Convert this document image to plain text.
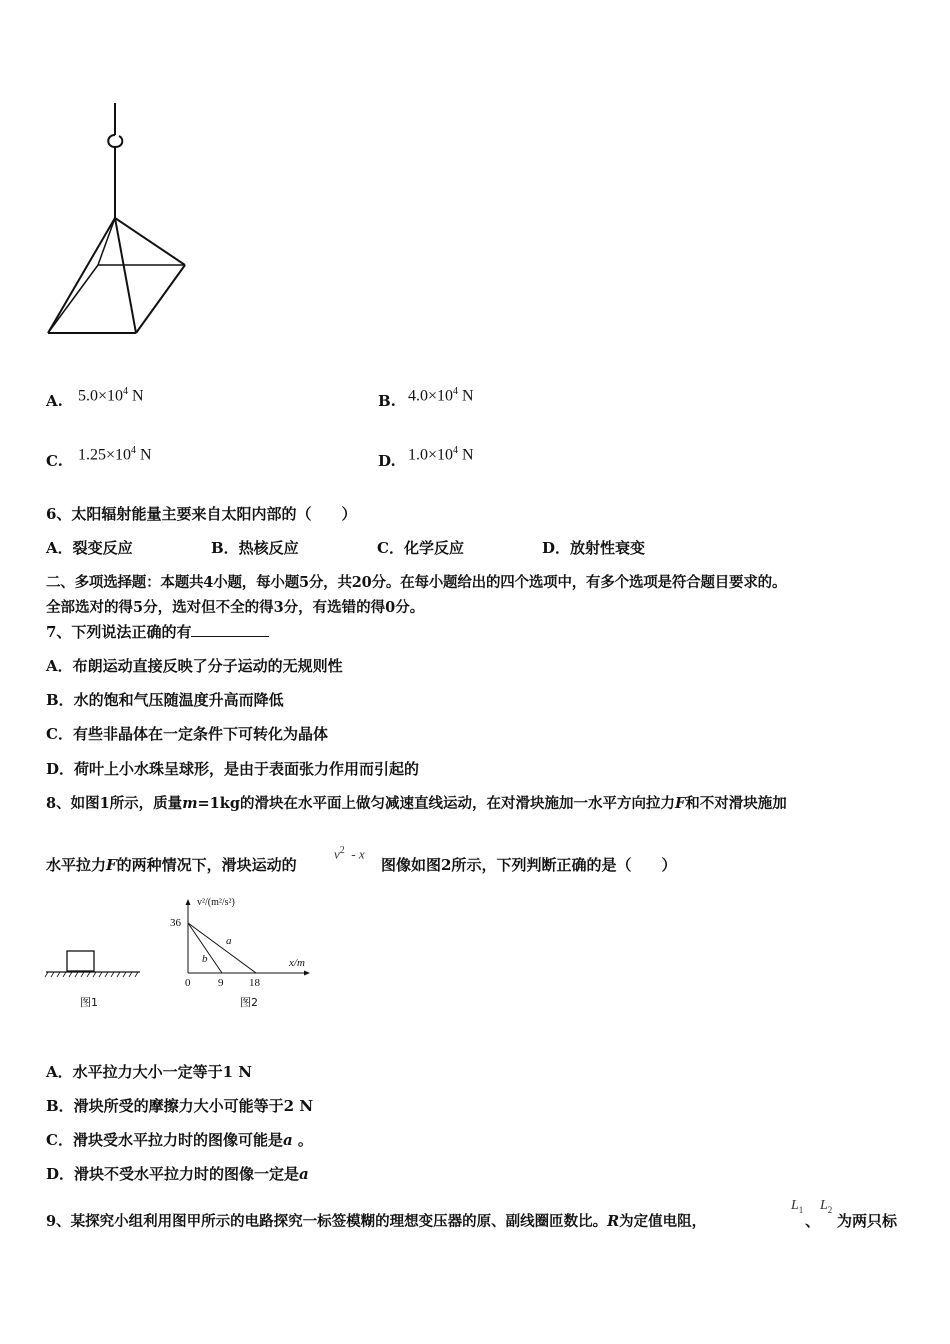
A. $5.0\times 10^4$ N	B. $4.0\times 10^4$ N
C. $1.25\times 10^4$ N	D. $1.0\times 10^4$ N
6、太阳辐射能量主要来自太阳内部的（　　）
A．裂变反应	B．热核反应	C．化学反应	D．放射性衰变
二、多项选择题：本题共4小题，每小题5分，共20分。在每小题给出的四个选项中，有多个选项是符合题目要求的。
全部选对的得5分，选对但不全的得3分，有选错的得0分。
7、下列说法正确的有
A．布朗运动直接反映了分子运动的无规则性
B．水的饱和气压随温度升高而降低
C．有些非晶体在一定条件下可转化为晶体
D．荷叶上小水珠呈球形，是由于表面张力作用而引起的
8、如图1所示，质量m=1kg的滑块在水平面上做匀减速直线运动，在对滑块施加一水平方向拉力F和不对滑块施加
水平拉力F的两种情况下，滑块运动的
$v^2$ - x
图像如图2所示，下列判断正确的是（　　）
图1
v²/(m²/s²)
36
x/m
a
b
0	9 18
图2
A．水平拉力大小一定等于1 N
B．滑块所受的摩擦力大小可能等于2 N
C．滑块受水平拉力时的图像可能是a 。
D．滑块不受水平拉力时的图像一定是a
9、某探究小组利用图甲所示的电路探究一标签模糊的理想变压器的原、副线圈匝数比。R为定值电阻，
$L_1$
、
$L_2$
为两只标
